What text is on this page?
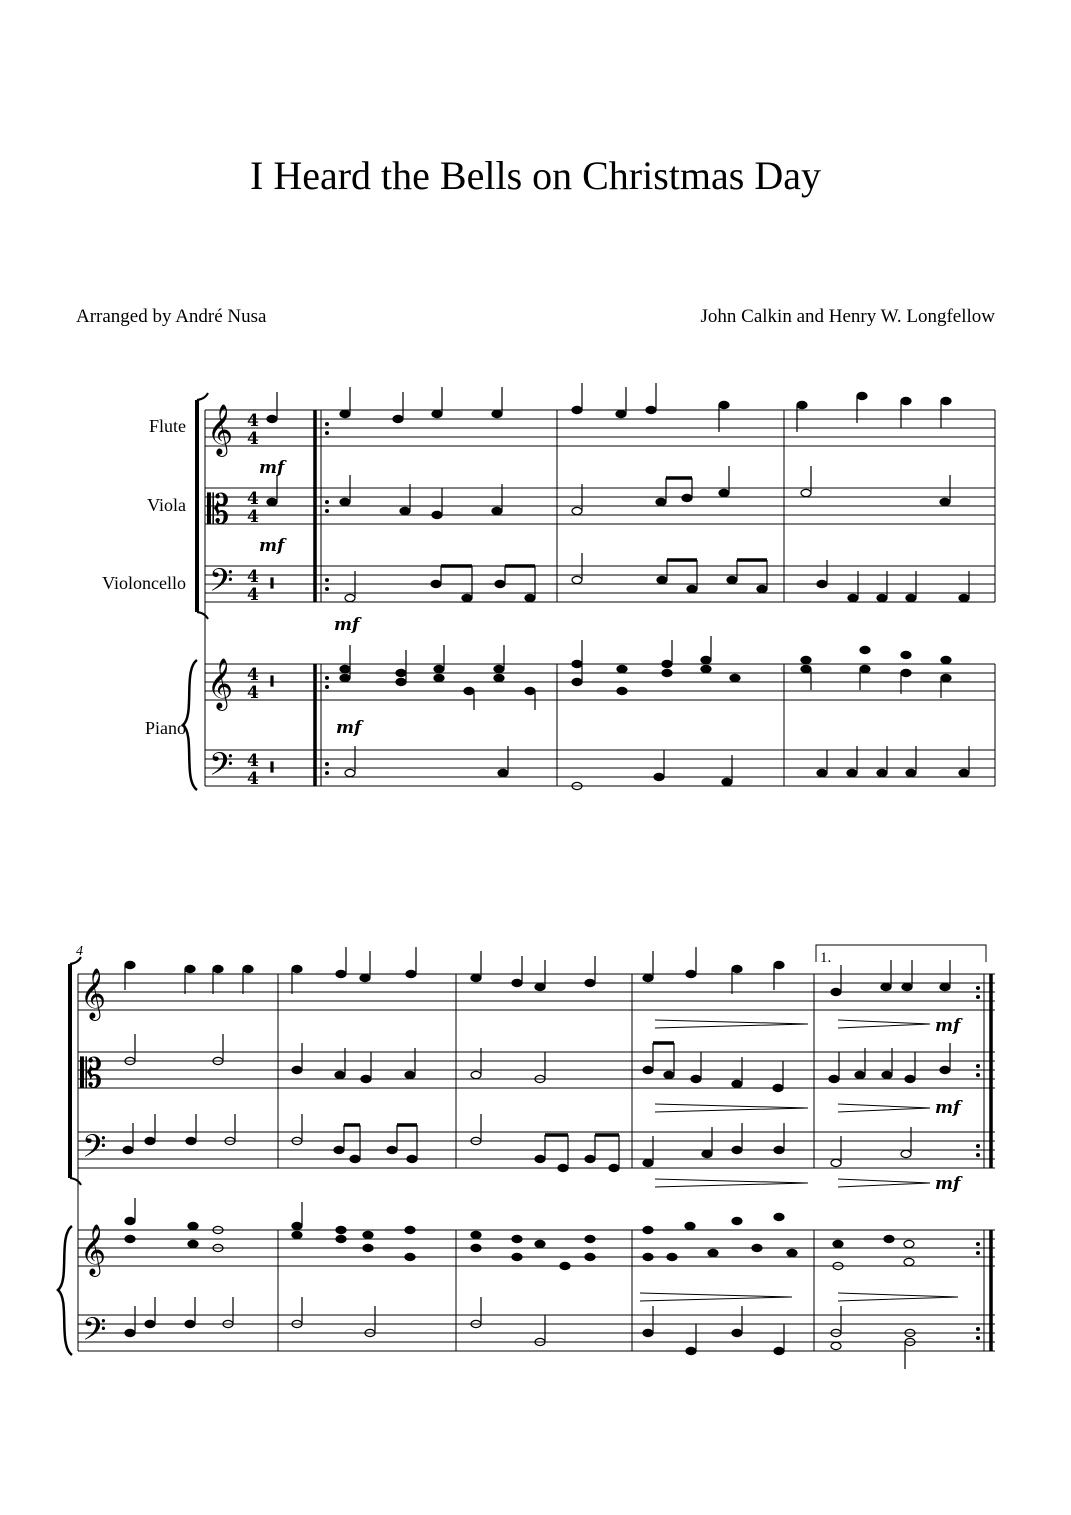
I Heard the Bells on Christmas Day
Arranged by André Nusa	John Calkin and Henry W. Longfellow
𝄞
𝄡
𝄢
𝄞
𝄢
𝄞
𝄡
𝄢
𝄞
𝄢
4
4
4
4
4
4
4
4
4
4
Flute
Viola
Violoncello
Piano
mf
mf
mf
mf
mf
mf
mf
4	1.
